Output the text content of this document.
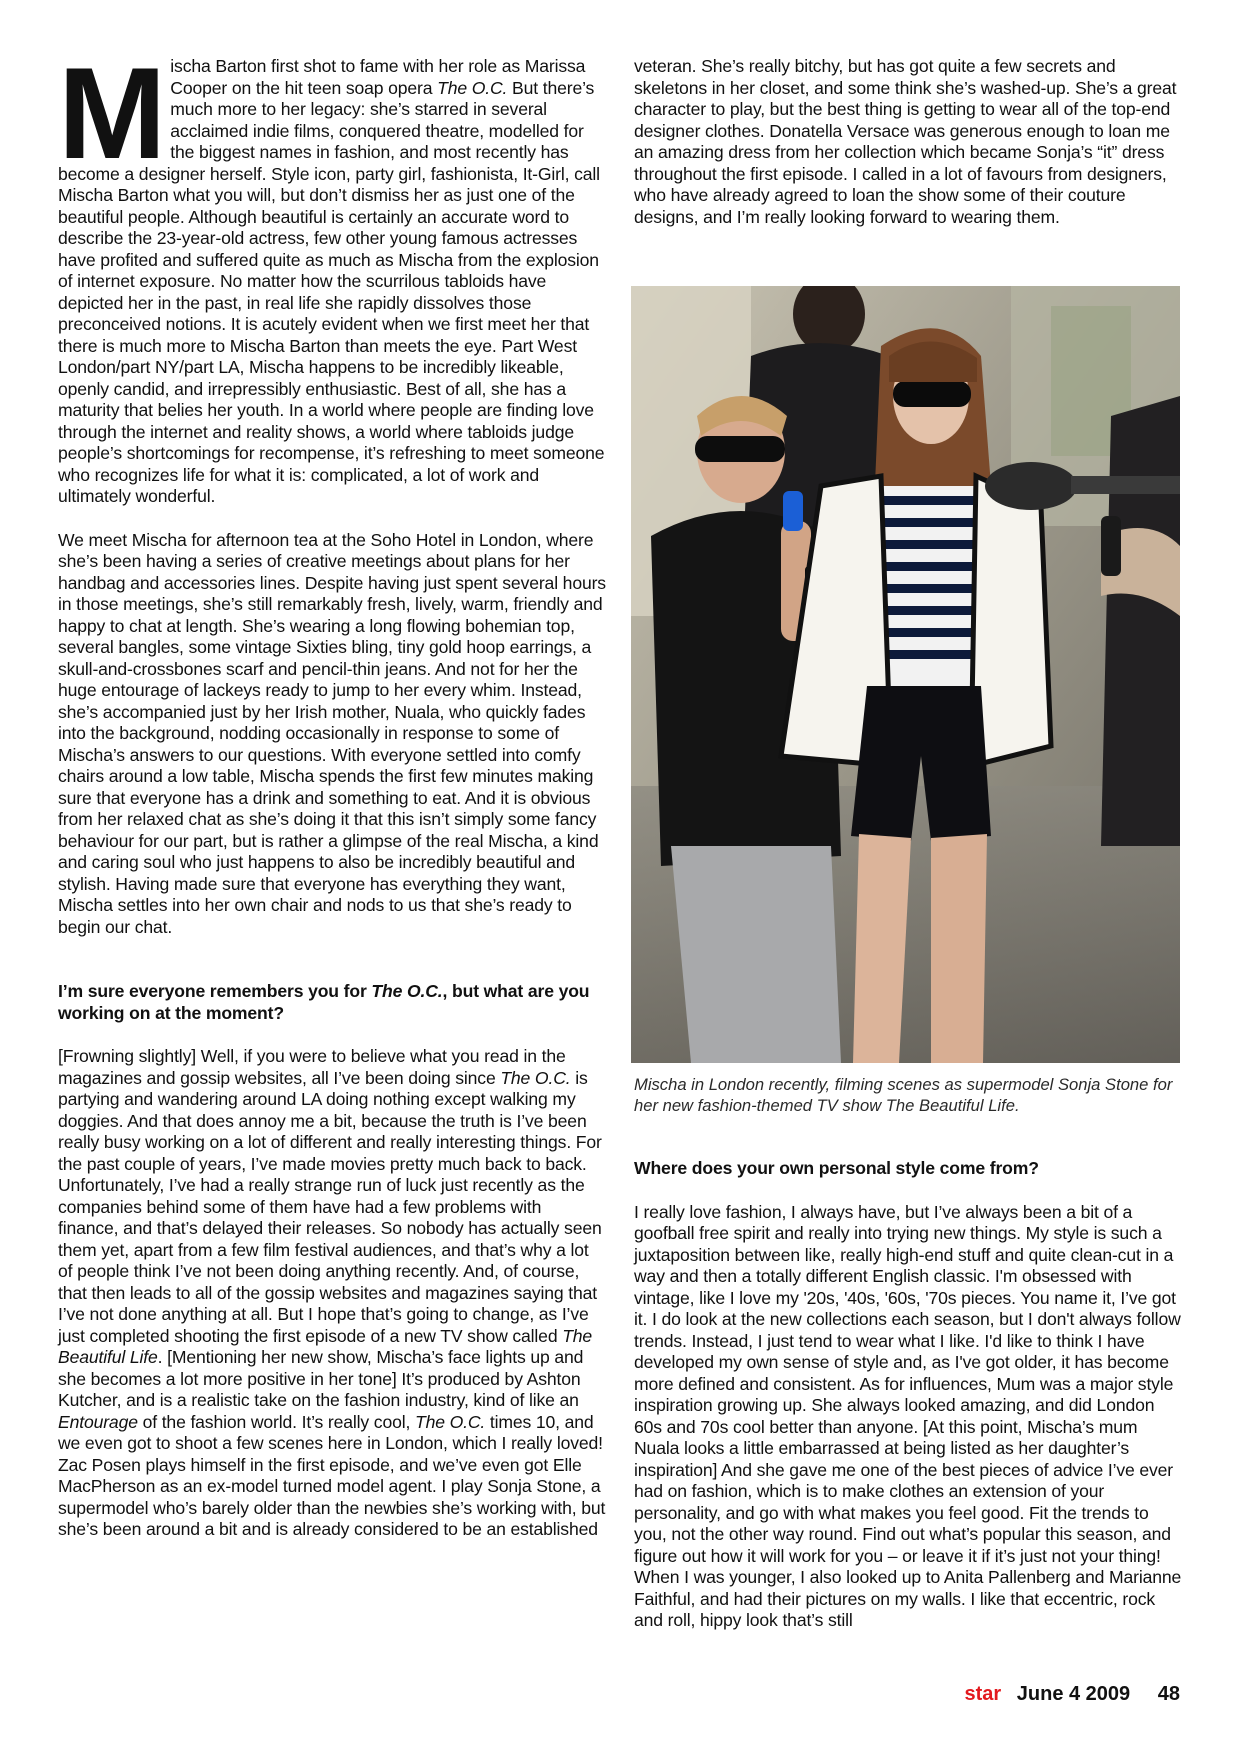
M ischa Barton first shot to fame with her role as Marissa Cooper on the hit teen soap opera The O.C. But there’s much more to her legacy: she’s starred in several acclaimed indie films, conquered theatre, modelled for the biggest names in fashion, and most recently has become a designer herself. Style icon, party girl, fashionista, It-Girl, call Mischa Barton what you will, but don’t dismiss her as just one of the beautiful people. Although beautiful is certainly an accurate word to describe the 23-year-old actress, few other young famous actresses have profited and suffered quite as much as Mischa from the explosion of internet exposure. No matter how the scurrilous tabloids have depicted her in the past, in real life she rapidly dissolves those preconceived notions. It is acutely evident when we first meet her that there is much more to Mischa Barton than meets the eye. Part West London/part NY/part LA, Mischa happens to be incredibly likeable, openly candid, and irrepressibly enthusiastic. Best of all, she has a maturity that belies her youth. In a world where people are finding love through the internet and reality shows, a world where tabloids judge people’s shortcomings for recompense, it’s refreshing to meet someone who recognizes life for what it is: complicated, a lot of work and ultimately wonderful.

We meet Mischa for afternoon tea at the Soho Hotel in London, where she’s been having a series of creative meetings about plans for her handbag and accessories lines. Despite having just spent several hours in those meetings, she’s still remarkably fresh, lively, warm, friendly and happy to chat at length. She’s wearing a long flowing bohemian top, several bangles, some vintage Sixties bling, tiny gold hoop earrings, a skull-and-crossbones scarf and pencil-thin jeans. And not for her the huge entourage of lackeys ready to jump to her every whim. Instead, she’s accompanied just by her Irish mother, Nuala, who quickly fades into the background, nodding occasionally in response to some of Mischa’s answers to our questions. With everyone settled into comfy chairs around a low table, Mischa spends the first few minutes making sure that everyone has a drink and something to eat. And it is obvious from her relaxed chat as she’s doing it that this isn’t simply some fancy behaviour for our part, but is rather a glimpse of the real Mischa, a kind and caring soul who just happens to also be incredibly beautiful and stylish. Having made sure that everyone has everything they want, Mischa settles into her own chair and nods to us that she’s ready to begin our chat.

I’m sure everyone remembers you for The O.C., but what are you working on at the moment?

[Frowning slightly] Well, if you were to believe what you read in the magazines and gossip websites, all I’ve been doing since The O.C. is partying and wandering around LA doing nothing except walking my doggies. And that does annoy me a bit, because the truth is I’ve been really busy working on a lot of different and really interesting things. For the past couple of years, I’ve made movies pretty much back to back. Unfortunately, I’ve had a really strange run of luck just recently as the companies behind some of them have had a few problems with finance, and that’s delayed their releases. So nobody has actually seen them yet, apart from a few film festival audiences, and that’s why a lot of people think I’ve not been doing anything recently. And, of course, that then leads to all of the gossip websites and magazines saying that I’ve not done anything at all. But I hope that’s going to change, as I’ve just completed shooting the first episode of a new TV show called The Beautiful Life. [Mentioning her new show, Mischa’s face lights up and she becomes a lot more positive in her tone] It’s produced by Ashton Kutcher, and is a realistic take on the fashion industry, kind of like an Entourage of the fashion world. It’s really cool, The O.C. times 10, and we even got to shoot a few scenes here in London, which I really loved! Zac Posen plays himself in the first episode, and we’ve even got Elle MacPherson as an ex-model turned model agent. I play Sonja Stone, a supermodel who’s barely older than the newbies she’s working with, but she’s been around a bit and is already considered to be an established

veteran. She’s really bitchy, but has got quite a few secrets and skeletons in her closet, and some think she’s washed-up. She’s a great character to play, but the best thing is getting to wear all of the top-end designer clothes. Donatella Versace was generous enough to loan me an amazing dress from her collection which became Sonja’s “it” dress throughout the first episode. I called in a lot of favours from designers, who have already agreed to loan the show some of their couture designs, and I’m really looking forward to wearing them.

Mischa in London recently, filming scenes as supermodel Sonja Stone for her new fashion-themed TV show The Beautiful Life.

Where does your own personal style come from?

I really love fashion, I always have, but I’ve always been a bit of a goofball free spirit and really into trying new things. My style is such a juxtaposition between like, really high-end stuff and quite clean-cut in a way and then a totally different English classic. I'm obsessed with vintage, like I love my '20s, '40s, '60s, '70s pieces. You name it, I’ve got it. I do look at the new collections each season, but I don't always follow trends. Instead, I just tend to wear what I like. I'd like to think I have developed my own sense of style and, as I've got older, it has become more defined and consistent. As for influences, Mum was a major style inspiration growing up. She always looked amazing, and did London 60s and 70s cool better than anyone. [At this point, Mischa’s mum Nuala looks a little embarrassed at being listed as her daughter’s inspiration] And she gave me one of the best pieces of advice I’ve ever had on fashion, which is to make clothes an extension of your personality, and go with what makes you feel good. Fit the trends to you, not the other way round. Find out what’s popular this season, and figure out how it will work for you – or leave it if it’s just not your thing! When I was younger, I also looked up to Anita Pallenberg and Marianne Faithful, and had their pictures on my walls. I like that eccentric, rock and roll, hippy look that’s still

star June 4 2009 48
